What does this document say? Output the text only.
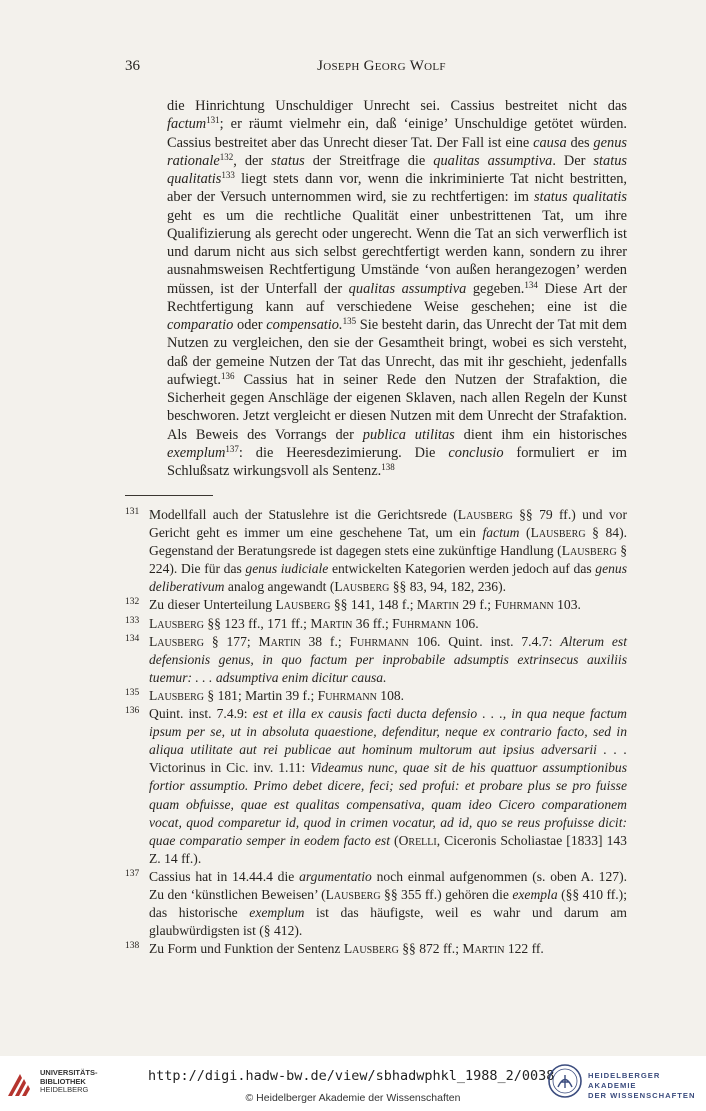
36	Joseph Georg Wolf

die Hinrichtung Unschuldiger Unrecht sei. Cassius bestreitet nicht das factum$^{131}$; er räumt vielmehr ein, daß ‘einige’ Unschuldige getötet würden. Cassius bestreitet aber das Unrecht dieser Tat. Der Fall ist eine causa des genus rationale$^{132}$, der status der Streitfrage die qualitas assumptiva. Der status qualitatis$^{133}$ liegt stets dann vor, wenn die inkriminierte Tat nicht bestritten, aber der Versuch unternommen wird, sie zu rechtfertigen: im status qualitatis geht es um die rechtliche Qualität einer unbestrittenen Tat, um ihre Qualifizierung als gerecht oder ungerecht. Wenn die Tat an sich verwerflich ist und darum nicht aus sich selbst gerechtfertigt werden kann, sondern zu ihrer ausnahmsweisen Rechtfertigung Umstände ‘von außen herangezogen’ werden müssen, ist der Unterfall der qualitas assumptiva gegeben.$^{134}$ Diese Art der Rechtfertigung kann auf verschiedene Weise geschehen; eine ist die comparatio oder compensatio.$^{135}$ Sie besteht darin, das Unrecht der Tat mit dem Nutzen zu vergleichen, den sie der Gesamtheit bringt, wobei es sich versteht, daß der gemeine Nutzen der Tat das Unrecht, das mit ihr geschieht, jedenfalls aufwiegt.$^{136}$ Cassius hat in seiner Rede den Nutzen der Strafaktion, die Sicherheit gegen Anschläge der eigenen Sklaven, nach allen Regeln der Kunst beschworen. Jetzt vergleicht er diesen Nutzen mit dem Unrecht der Strafaktion. Als Beweis des Vorrangs der publica utilitas dient ihm ein historisches exemplum$^{137}$: die Heeresdezimierung. Die conclusio formuliert er im Schlußsatz wirkungsvoll als Sentenz.$^{138}$

131 Modellfall auch der Statuslehre ist die Gerichtsrede (Lausberg §§ 79 ff.) und vor Gericht geht es immer um eine geschehene Tat, um ein factum (Lausberg § 84). Gegenstand der Beratungsrede ist dagegen stets eine zukünftige Handlung (Lausberg § 224). Die für das genus iudiciale entwickelten Kategorien werden jedoch auf das genus deliberativum analog angewandt (Lausberg §§ 83, 94, 182, 236).

132 Zu dieser Unterteilung Lausberg §§ 141, 148 f.; Martin 29 f.; Fuhrmann 103.

133 Lausberg §§ 123 ff., 171 ff.; Martin 36 ff.; Fuhrmann 106.

134 Lausberg § 177; Martin 38 f.; Fuhrmann 106. Quint. inst. 7.4.7: Alterum est defensionis genus, in quo factum per inprobabile adsumptis extrinsecus auxiliis tuemur: . . . adsumptiva enim dicitur causa.

135 Lausberg § 181; Martin 39 f.; Fuhrmann 108.

136 Quint. inst. 7.4.9: est et illa ex causis facti ducta defensio . . ., in qua neque factum ipsum per se, ut in absoluta quaestione, defenditur, neque ex contrario facto, sed in aliqua utilitate aut rei publicae aut hominum multorum aut ipsius adversarii . . . Victorinus in Cic. inv. 1.11: Videamus nunc, quae sit de his quattuor assumptionibus fortior assumptio. Primo debet dicere, feci; sed profui: et probare plus se pro fuisse quam obfuisse, quae est qualitas compensativa, quam ideo Cicero comparationem vocat, quod comparetur id, quod in crimen vocatur, ad id, quo se reus profuisse dicit: quae comparatio semper in eodem facto est (Orelli, Ciceronis Scholiastae [1833] 143 Z. 14 ff.).

137 Cassius hat in 14.44.4 die argumentatio noch einmal aufgenommen (s. oben A. 127). Zu den ‘künstlichen Beweisen’ (Lausberg §§ 355 ff.) gehören die exempla (§§ 410 ff.); das historische exemplum ist das häufigste, weil es wahr und darum am glaubwürdigsten ist (§ 412).

138 Zu Form und Funktion der Sentenz Lausberg §§ 872 ff.; Martin 122 ff.

UNIVERSITÄTS-
BIBLIOTHEK
HEIDELBERG
http://digi.hadw-bw.de/view/sbhadwphkl_1988_2/0038
© Heidelberger Akademie der Wissenschaften
HEIDELBERGER AKADEMIE
DER WISSENSCHAFTEN
